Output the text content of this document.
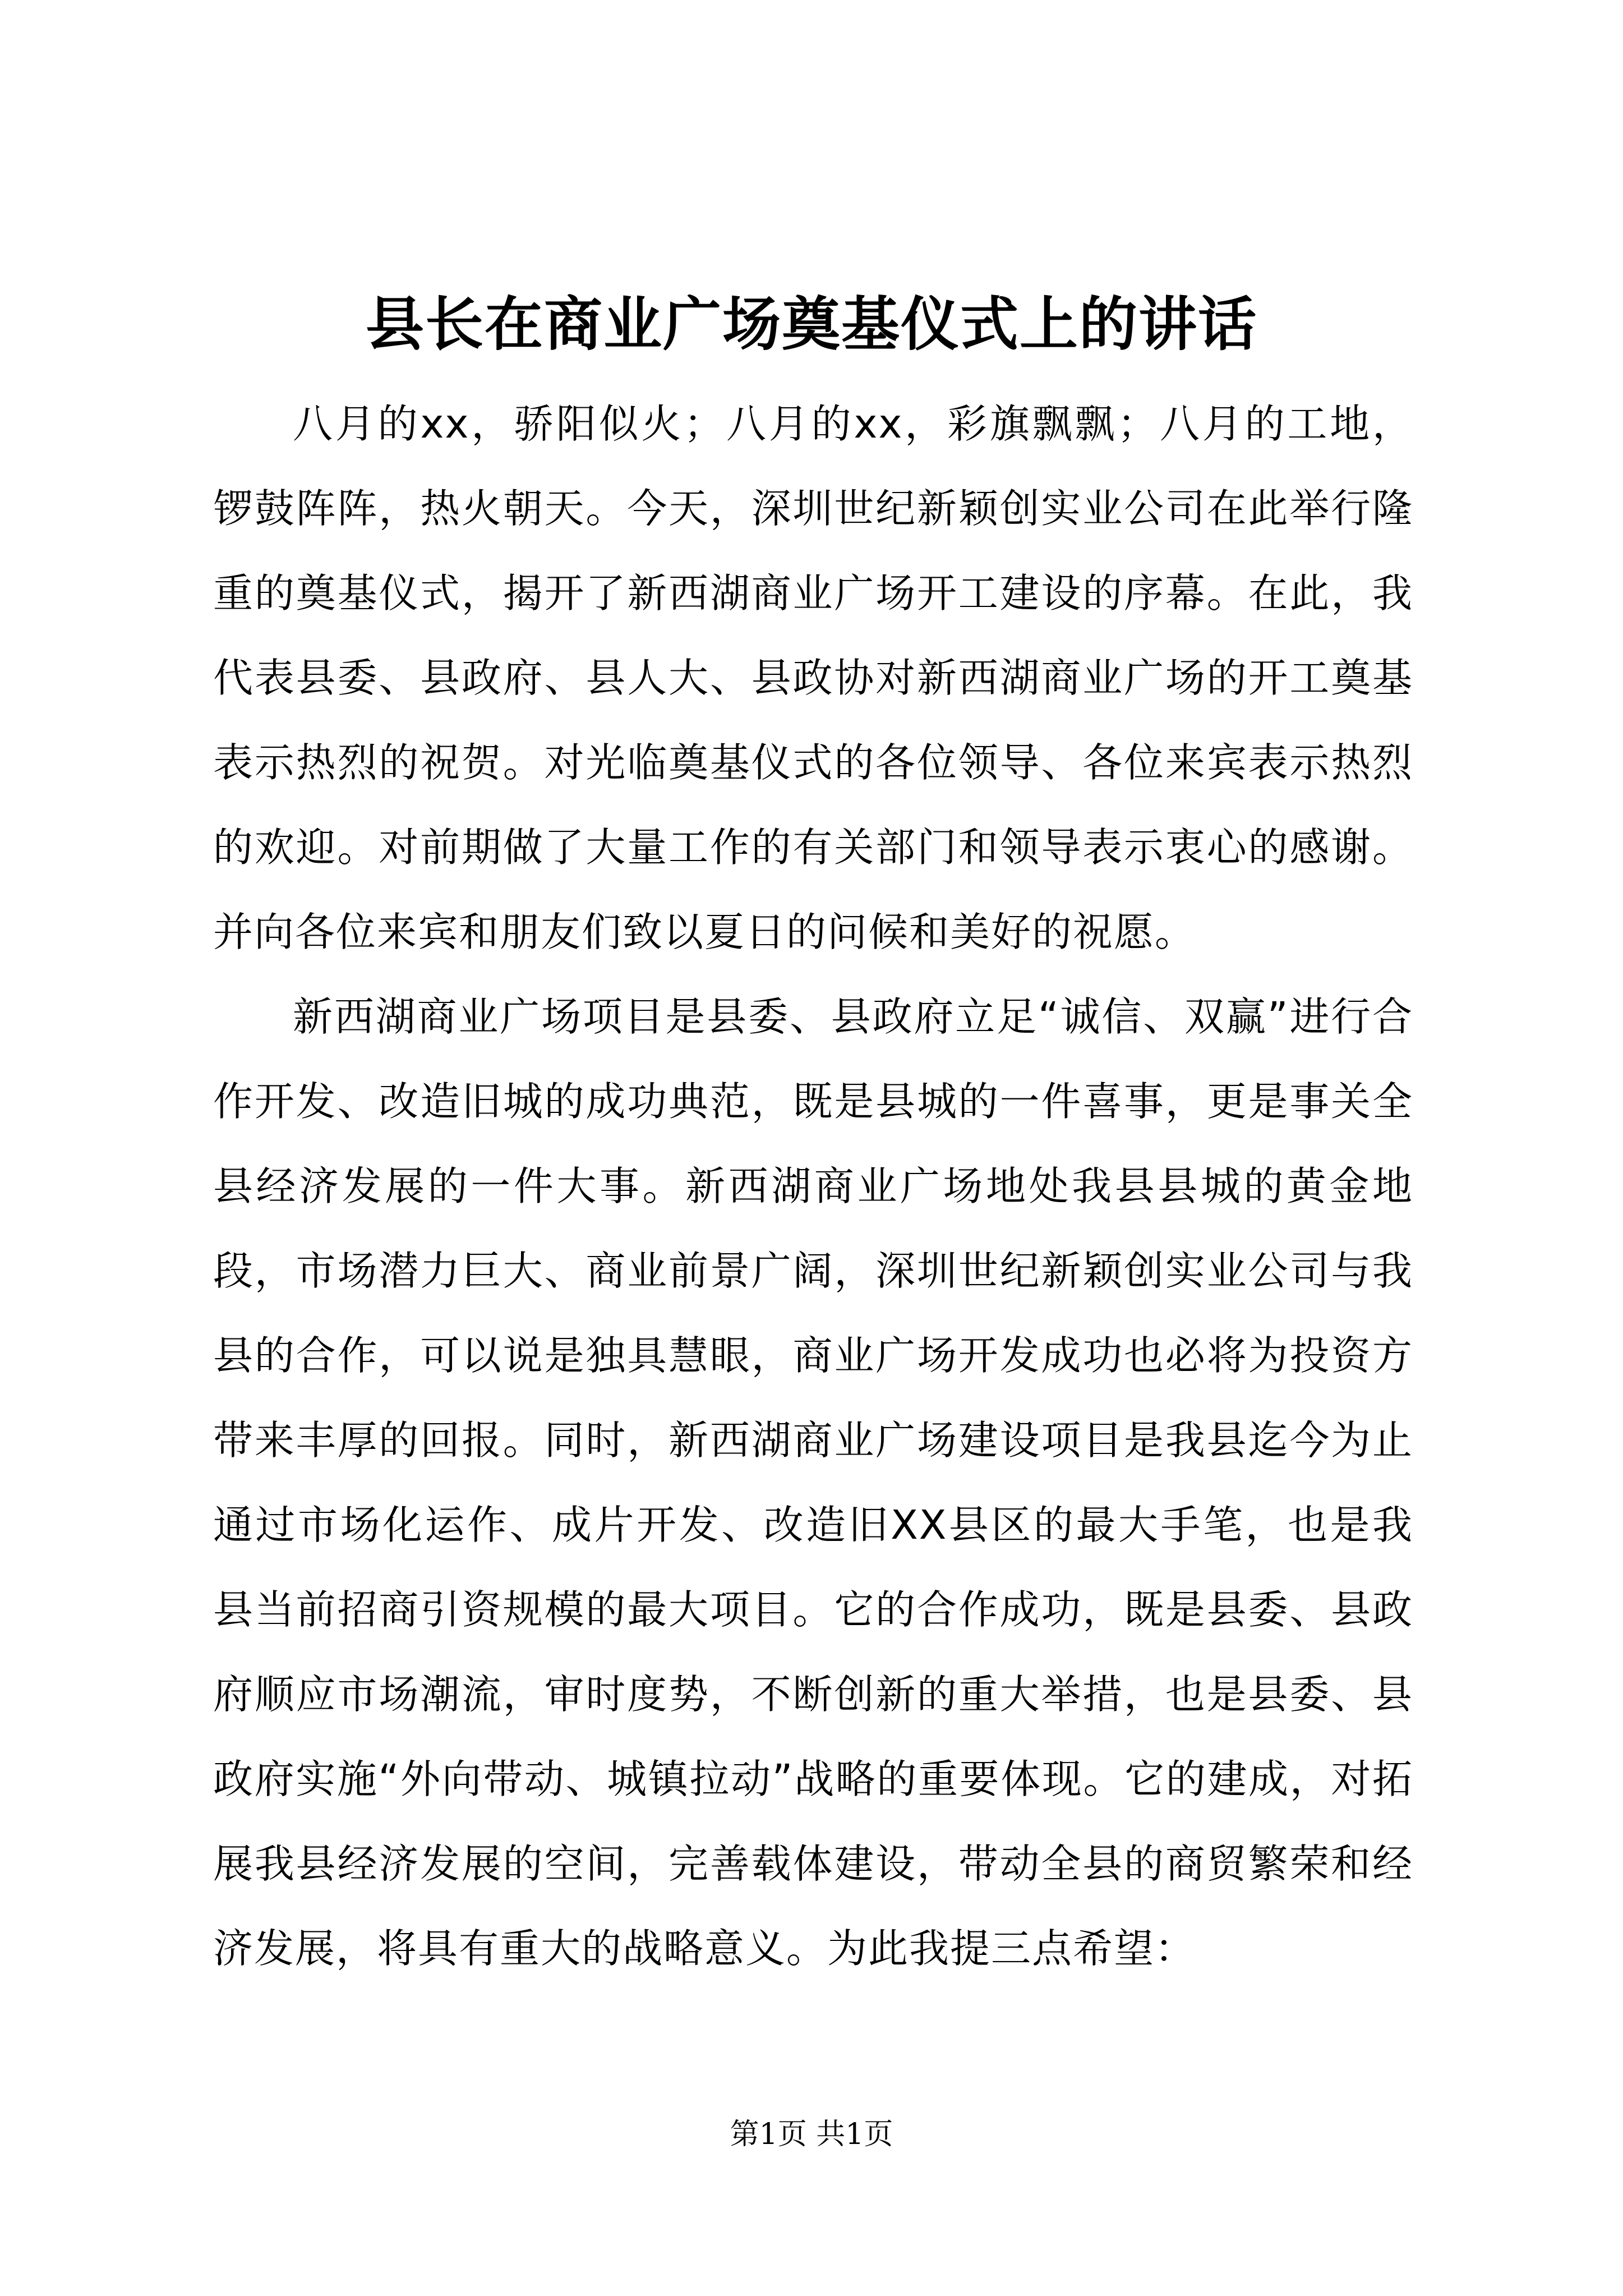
县长在商业广场奠基仪式上的讲话

八月的xx，骄阳似火；八月的xx，彩旗飘飘；八月的工地，锣鼓阵阵，热火朝天。今天，深圳世纪新颖创实业公司在此举行隆重的奠基仪式，揭开了新西湖商业广场开工建设的序幕。在此，我代表县委、县政府、县人大、县政协对新西湖商业广场的开工奠基表示热烈的祝贺。对光临奠基仪式的各位领导、各位来宾表示热烈的欢迎。对前期做了大量工作的有关部门和领导表示衷心的感谢。并向各位来宾和朋友们致以夏日的问候和美好的祝愿。

新西湖商业广场项目是县委、县政府立足“诚信、双赢”进行合作开发、改造旧城的成功典范，既是县城的一件喜事，更是事关全县经济发展的一件大事。新西湖商业广场地处我县县城的黄金地段，市场潜力巨大、商业前景广阔，深圳世纪新颖创实业公司与我县的合作，可以说是独具慧眼，商业广场开发成功也必将为投资方带来丰厚的回报。同时，新西湖商业广场建设项目是我县迄今为止通过市场化运作、成片开发、改造旧XX县区的最大手笔，也是我县当前招商引资规模的最大项目。它的合作成功，既是县委、县政府顺应市场潮流，审时度势，不断创新的重大举措，也是县委、县政府实施“外向带动、城镇拉动”战略的重要体现。它的建成，对拓展我县经济发展的空间，完善载体建设，带动全县的商贸繁荣和经济发展，将具有重大的战略意义。为此我提三点希望：

第1页 共1页
